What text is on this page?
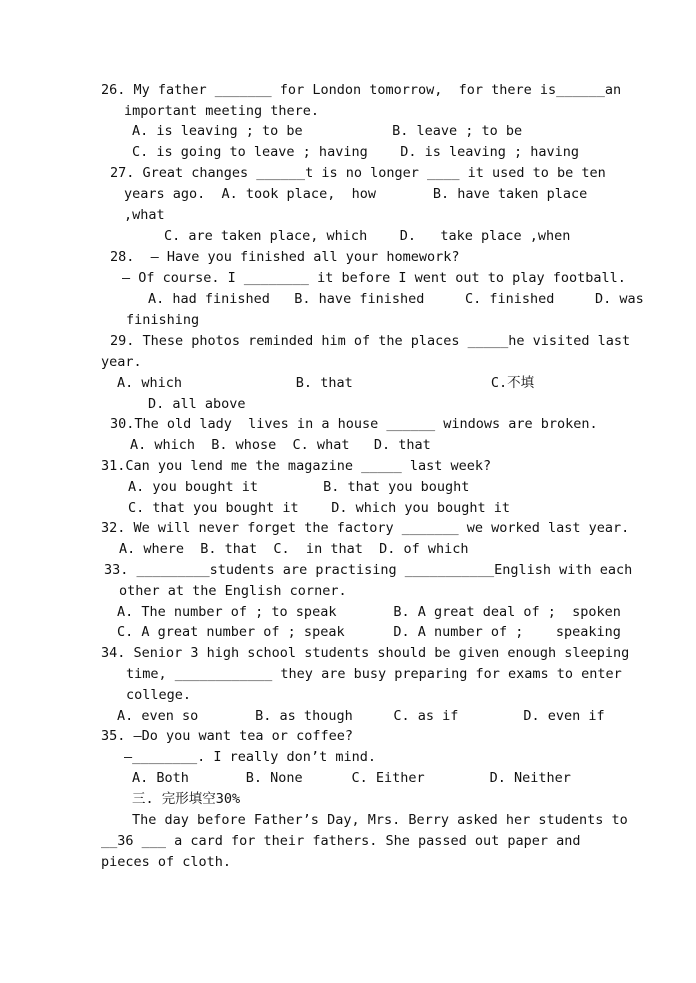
26. My father _______ for London tomorrow,  for there is______an
important meeting there.
A. is leaving ; to be           B. leave ; to be
C. is going to leave ; having    D. is leaving ; having
27. Great changes ______t is no longer ____ it used to be ten
years ago.  A. took place,  how       B. have taken place
,what
C. are taken place, which    D.   take place ,when
28.  — Have you finished all your homework?
— Of course. I ________ it before I went out to play football.
A. had finished   B. have finished     C. finished     D. was
finishing
29. These photos reminded him of the places _____he visited last
year.
A. which              B. that                 C.不填
D. all above
30.The old lady  lives in a house ______ windows are broken.
A. which  B. whose  C. what   D. that
31.Can you lend me the magazine _____ last week?
A. you bought it        B. that you bought
C. that you bought it    D. which you bought it
32. We will never forget the factory _______ we worked last year.
A. where  B. that  C.  in that  D. of which
33. _________students are practising ___________English with each
other at the English corner.
A. The number of ; to speak       B. A great deal of ;  spoken
C. A great number of ; speak      D. A number of ;    speaking
34. Senior 3 high school students should be given enough sleeping
time, ____________ they are busy preparing for exams to enter
college.
A. even so       B. as though     C. as if        D. even if
35. —Do you want tea or coffee?
—________. I really don’t mind.
A. Both       B. None      C. Either        D. Neither
三. 完形填空30%
The day before Father’s Day, Mrs. Berry asked her students to
__36 ___ a card for their fathers. She passed out paper and
pieces of cloth.
